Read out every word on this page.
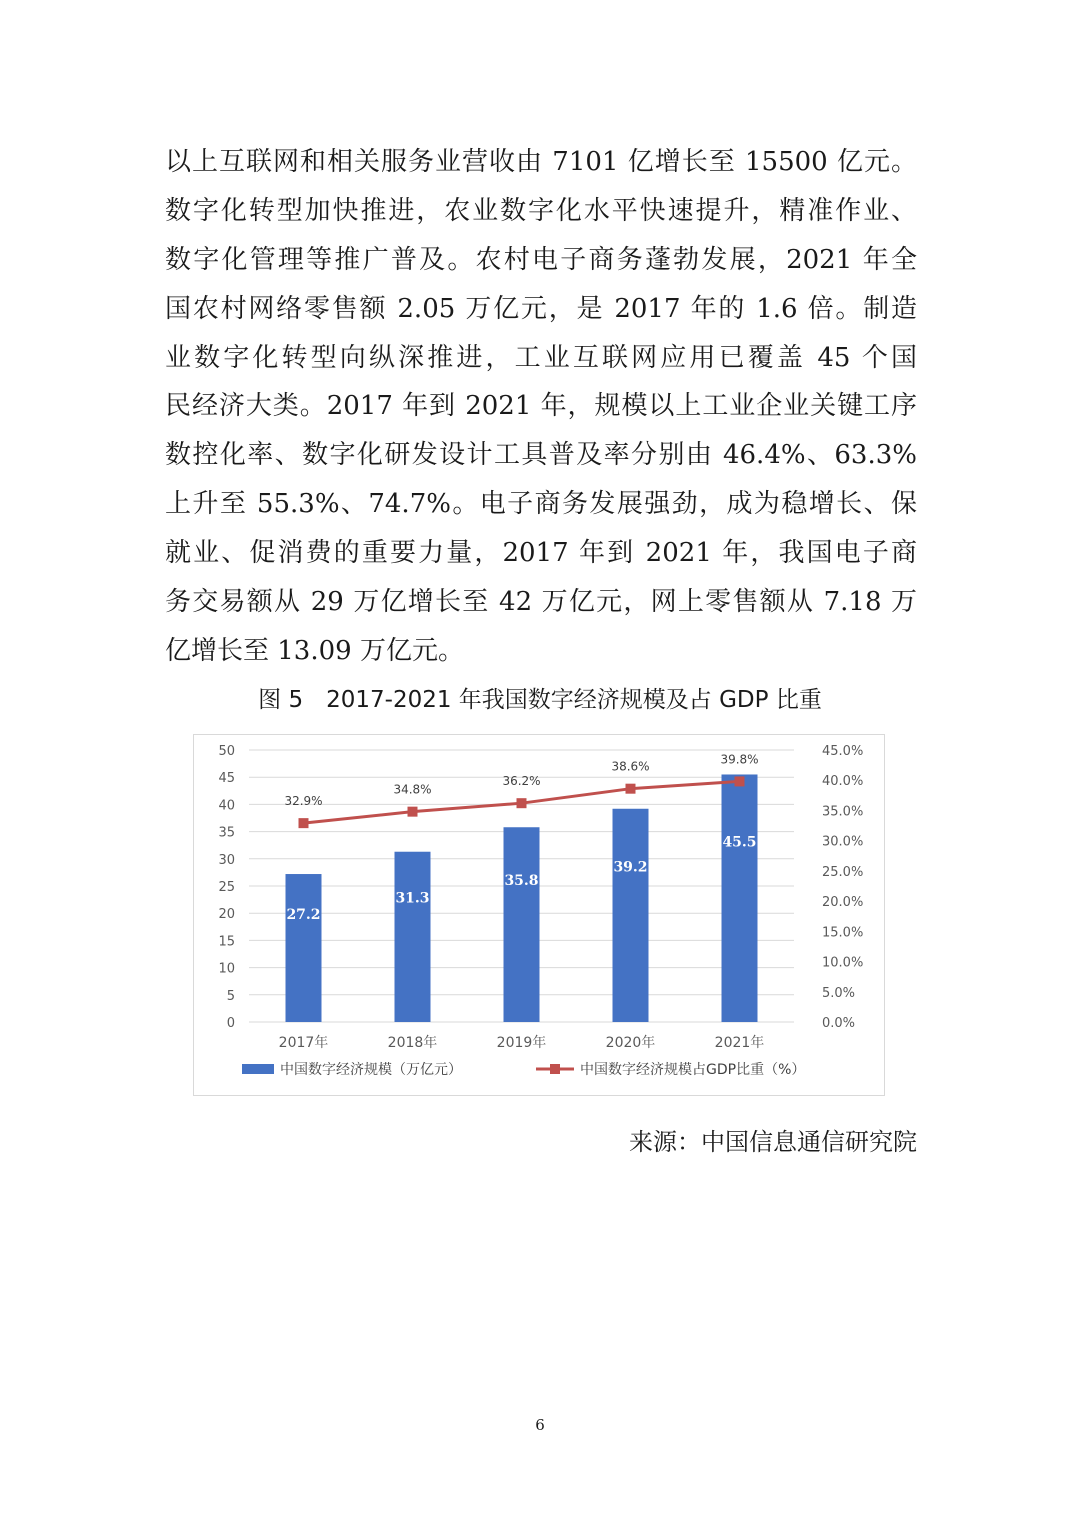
以上互联网和相关服务业营收由 7101 亿增长至 15500 亿元。
数字化转型加快推进，农业数字化水平快速提升，精准作业、
数字化管理等推广普及。农村电子商务蓬勃发展，2021 年全
国农村网络零售额 2.05 万亿元，是 2017 年的 1.6 倍。制造
业数字化转型向纵深推进，工业互联网应用已覆盖 45 个国
民经济大类。2017 年到 2021 年，规模以上工业企业关键工序
数控化率、数字化研发设计工具普及率分别由 46.4%、63.3%
上升至 55.3%、74.7%。电子商务发展强劲，成为稳增长、保
就业、促消费的重要力量，2017 年到 2021 年，我国电子商
务交易额从 29 万亿增长至 42 万亿元，网上零售额从 7.18 万
亿增长至 13.09 万亿元。
图 5　2017-2021 年我国数字经济规模及占 GDP 比重
27.2
31.3
35.8
39.2
45.5
32.9%
34.8%
36.2%
38.6%
39.8%
0
5
10
15
20
25
30
35
40
45
50
0.0%
5.0%
10.0%
15.0%
20.0%
25.0%
30.0%
35.0%
40.0%
45.0%
2017年	2018年	2019年	2020年	2021年
中国数字经济规模（万亿元）	中国数字经济规模占GDP比重（%）
来源：中国信息通信研究院
6
